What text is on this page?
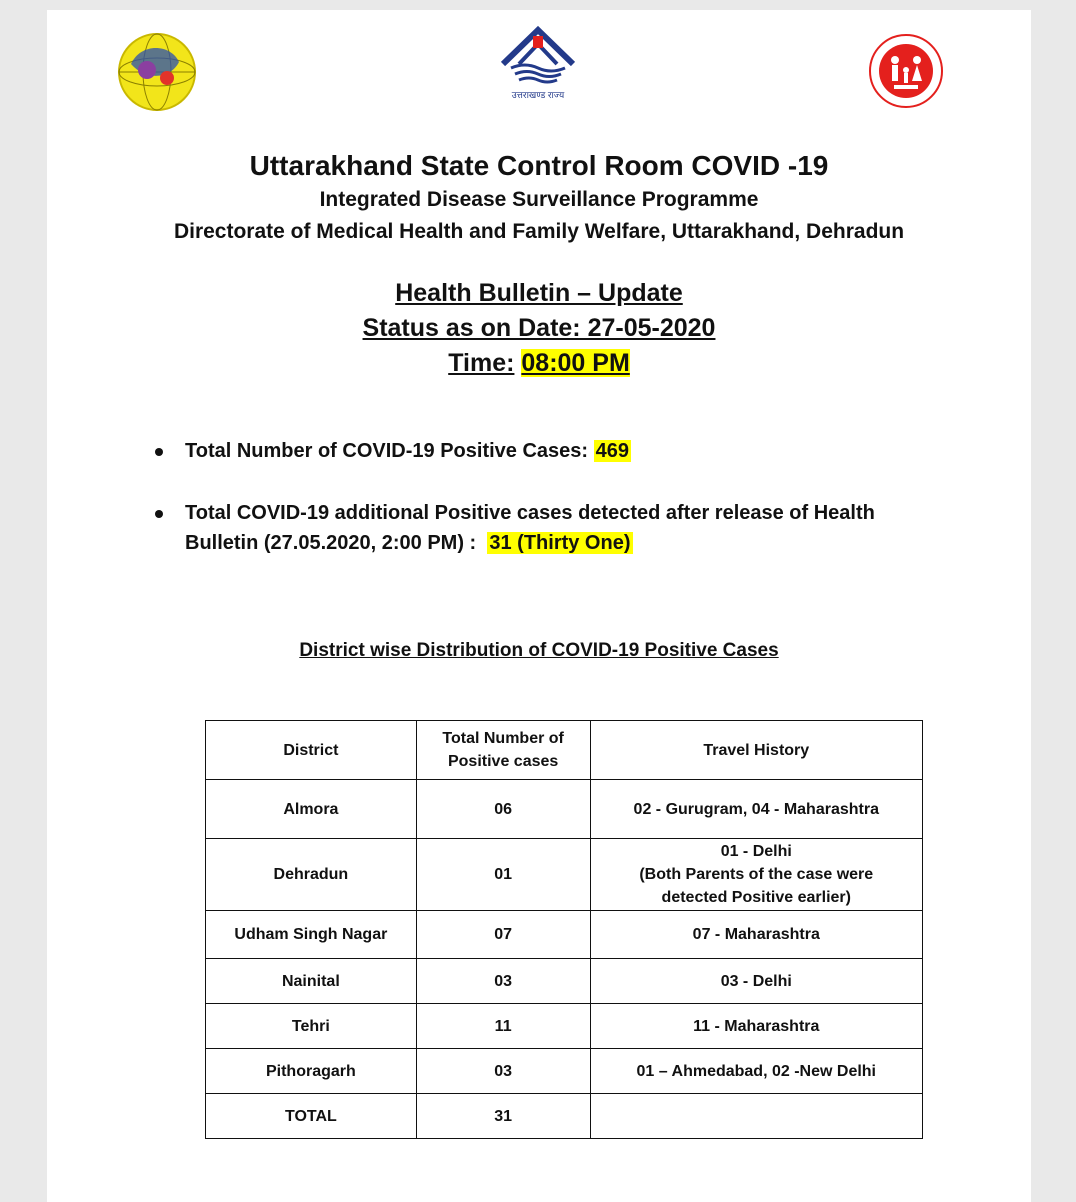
उत्तराखण्ड राज्य
Uttarakhand State Control Room COVID -19
Integrated Disease Surveillance Programme
Directorate of Medical Health and Family Welfare, Uttarakhand, Dehradun
Health Bulletin – Update
Status as on Date: 27-05-2020
Time: 08:00 PM
Total Number of COVID-19 Positive Cases: 469
Total COVID-19 additional Positive cases detected after release of Health Bulletin (27.05.2020, 2:00 PM) : 31 (Thirty One)
District wise Distribution of COVID-19 Positive Cases
District	Total Number of Positive cases	Travel History
Almora	06	02 - Gurugram, 04 - Maharashtra
Dehradun	01	01 - Delhi
(Both Parents of the case were detected Positive earlier)

Udham Singh Nagar	07	07 - Maharashtra
Nainital	03	03 - Delhi
Tehri	11	11 - Maharashtra
Pithoragarh	03	01 – Ahmedabad, 02 -New Delhi
TOTAL	31	
